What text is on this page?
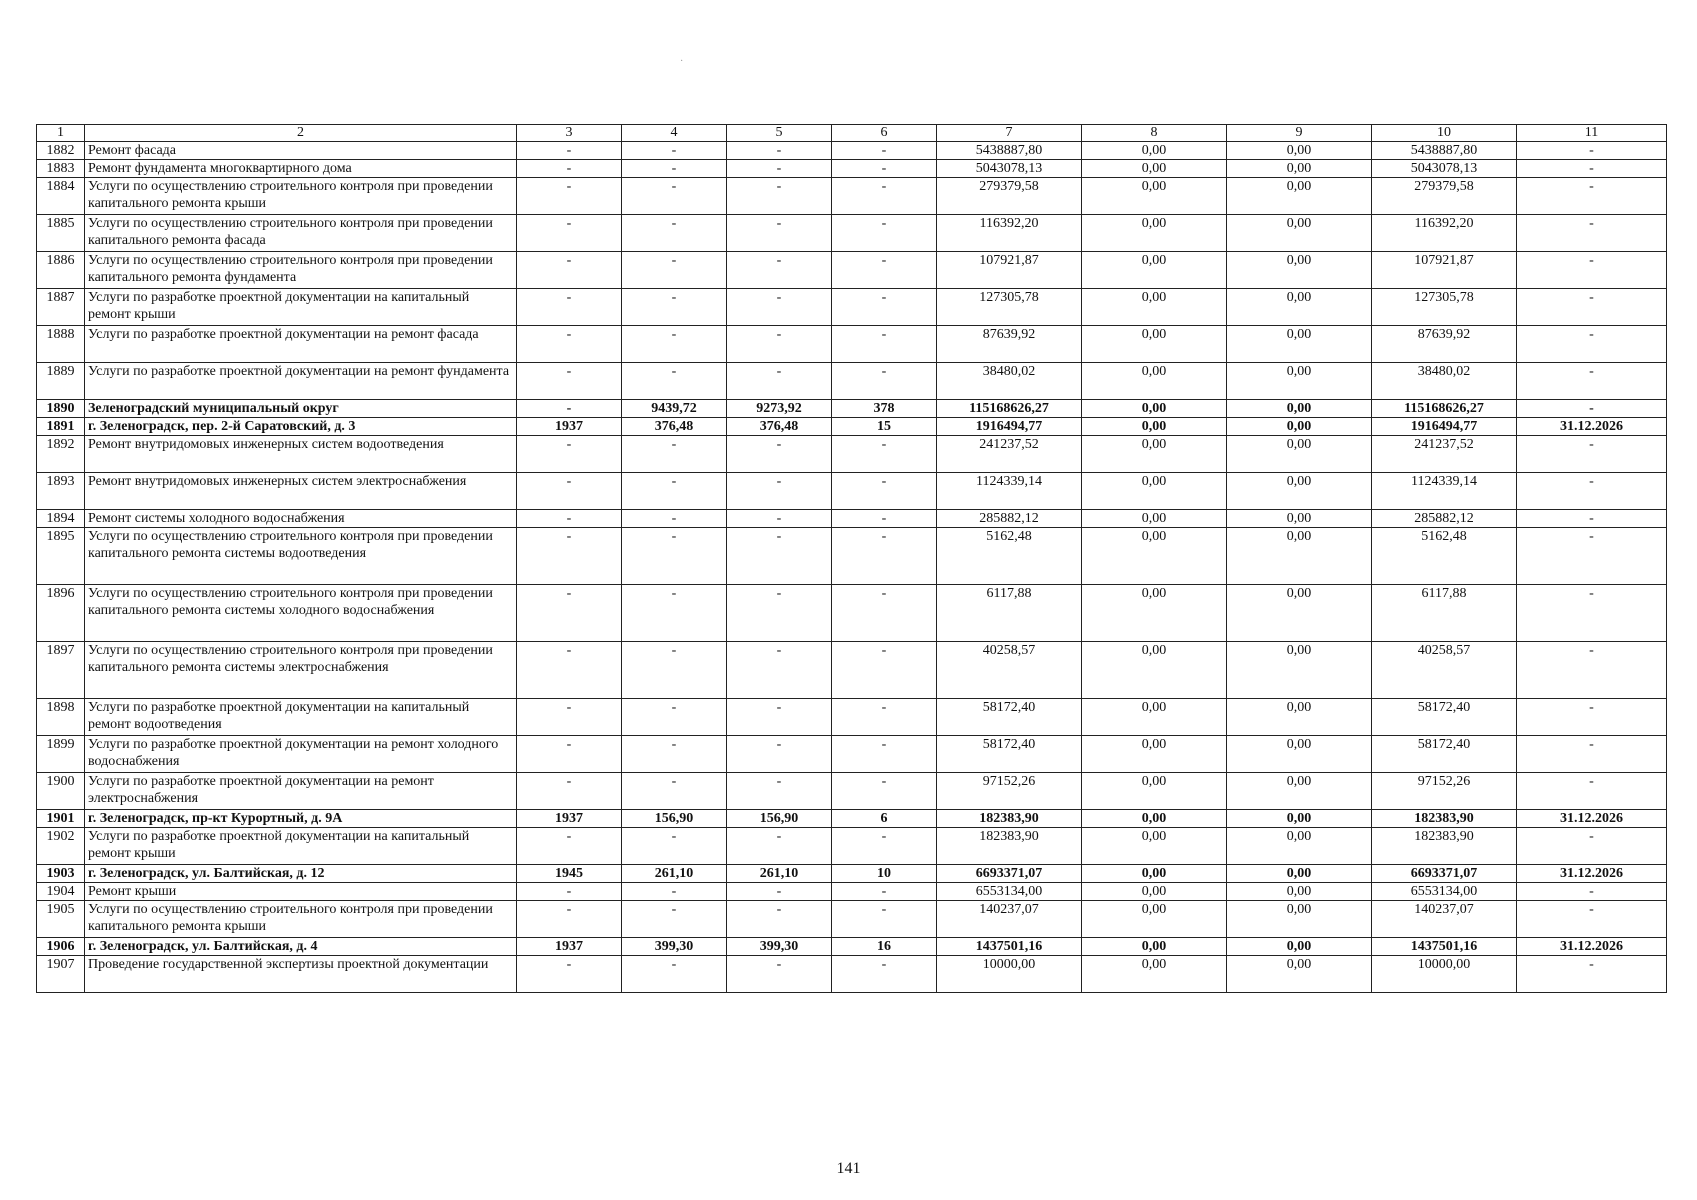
·
1	2	3	4	5	6	7	8	9	10	11
1882	Ремонт фасада	-	-	-	-	5438887,80	0,00	0,00	5438887,80	-
1883	Ремонт фундамента многоквартирного дома	-	-	-	-	5043078,13	0,00	0,00	5043078,13	-
1884	Услуги по осуществлению строительного контроля при проведении капитального ремонта крыши	-	-	-	-	279379,58	0,00	0,00	279379,58	-
1885	Услуги по осуществлению строительного контроля при проведении капитального ремонта фасада	-	-	-	-	116392,20	0,00	0,00	116392,20	-
1886	Услуги по осуществлению строительного контроля при проведении капитального ремонта фундамента	-	-	-	-	107921,87	0,00	0,00	107921,87	-
1887	Услуги по разработке проектной документации на капитальный ремонт крыши	-	-	-	-	127305,78	0,00	0,00	127305,78	-
1888	Услуги по разработке проектной документации на ремонт фасада	-	-	-	-	87639,92	0,00	0,00	87639,92	-
1889	Услуги по разработке проектной документации на ремонт фундамента	-	-	-	-	38480,02	0,00	0,00	38480,02	-
1890	Зеленоградский муниципальный округ	-	9439,72	9273,92	378	115168626,27	0,00	0,00	115168626,27	-
1891	г. Зеленоградск, пер. 2-й Саратовский, д. 3	1937	376,48	376,48	15	1916494,77	0,00	0,00	1916494,77	31.12.2026
1892	Ремонт внутридомовых инженерных систем водоотведения	-	-	-	-	241237,52	0,00	0,00	241237,52	-
1893	Ремонт внутридомовых инженерных систем электроснабжения	-	-	-	-	1124339,14	0,00	0,00	1124339,14	-
1894	Ремонт системы холодного водоснабжения	-	-	-	-	285882,12	0,00	0,00	285882,12	-
1895	Услуги по осуществлению строительного контроля при проведении капитального ремонта системы водоотведения	-	-	-	-	5162,48	0,00	0,00	5162,48	-
1896	Услуги по осуществлению строительного контроля при проведении капитального ремонта системы холодного водоснабжения	-	-	-	-	6117,88	0,00	0,00	6117,88	-
1897	Услуги по осуществлению строительного контроля при проведении капитального ремонта системы электроснабжения	-	-	-	-	40258,57	0,00	0,00	40258,57	-
1898	Услуги по разработке проектной документации на капитальный ремонт водоотведения	-	-	-	-	58172,40	0,00	0,00	58172,40	-
1899	Услуги по разработке проектной документации на ремонт холодного водоснабжения	-	-	-	-	58172,40	0,00	0,00	58172,40	-
1900	Услуги по разработке проектной документации на ремонт электроснабжения	-	-	-	-	97152,26	0,00	0,00	97152,26	-
1901	г. Зеленоградск, пр-кт Курортный, д. 9А	1937	156,90	156,90	6	182383,90	0,00	0,00	182383,90	31.12.2026
1902	Услуги по разработке проектной документации на капитальный ремонт крыши	-	-	-	-	182383,90	0,00	0,00	182383,90	-
1903	г. Зеленоградск, ул. Балтийская, д. 12	1945	261,10	261,10	10	6693371,07	0,00	0,00	6693371,07	31.12.2026
1904	Ремонт крыши	-	-	-	-	6553134,00	0,00	0,00	6553134,00	-
1905	Услуги по осуществлению строительного контроля при проведении капитального ремонта крыши	-	-	-	-	140237,07	0,00	0,00	140237,07	-
1906	г. Зеленоградск, ул. Балтийская, д. 4	1937	399,30	399,30	16	1437501,16	0,00	0,00	1437501,16	31.12.2026
1907	Проведение государственной экспертизы проектной документации	-	-	-	-	10000,00	0,00	0,00	10000,00	-
141
